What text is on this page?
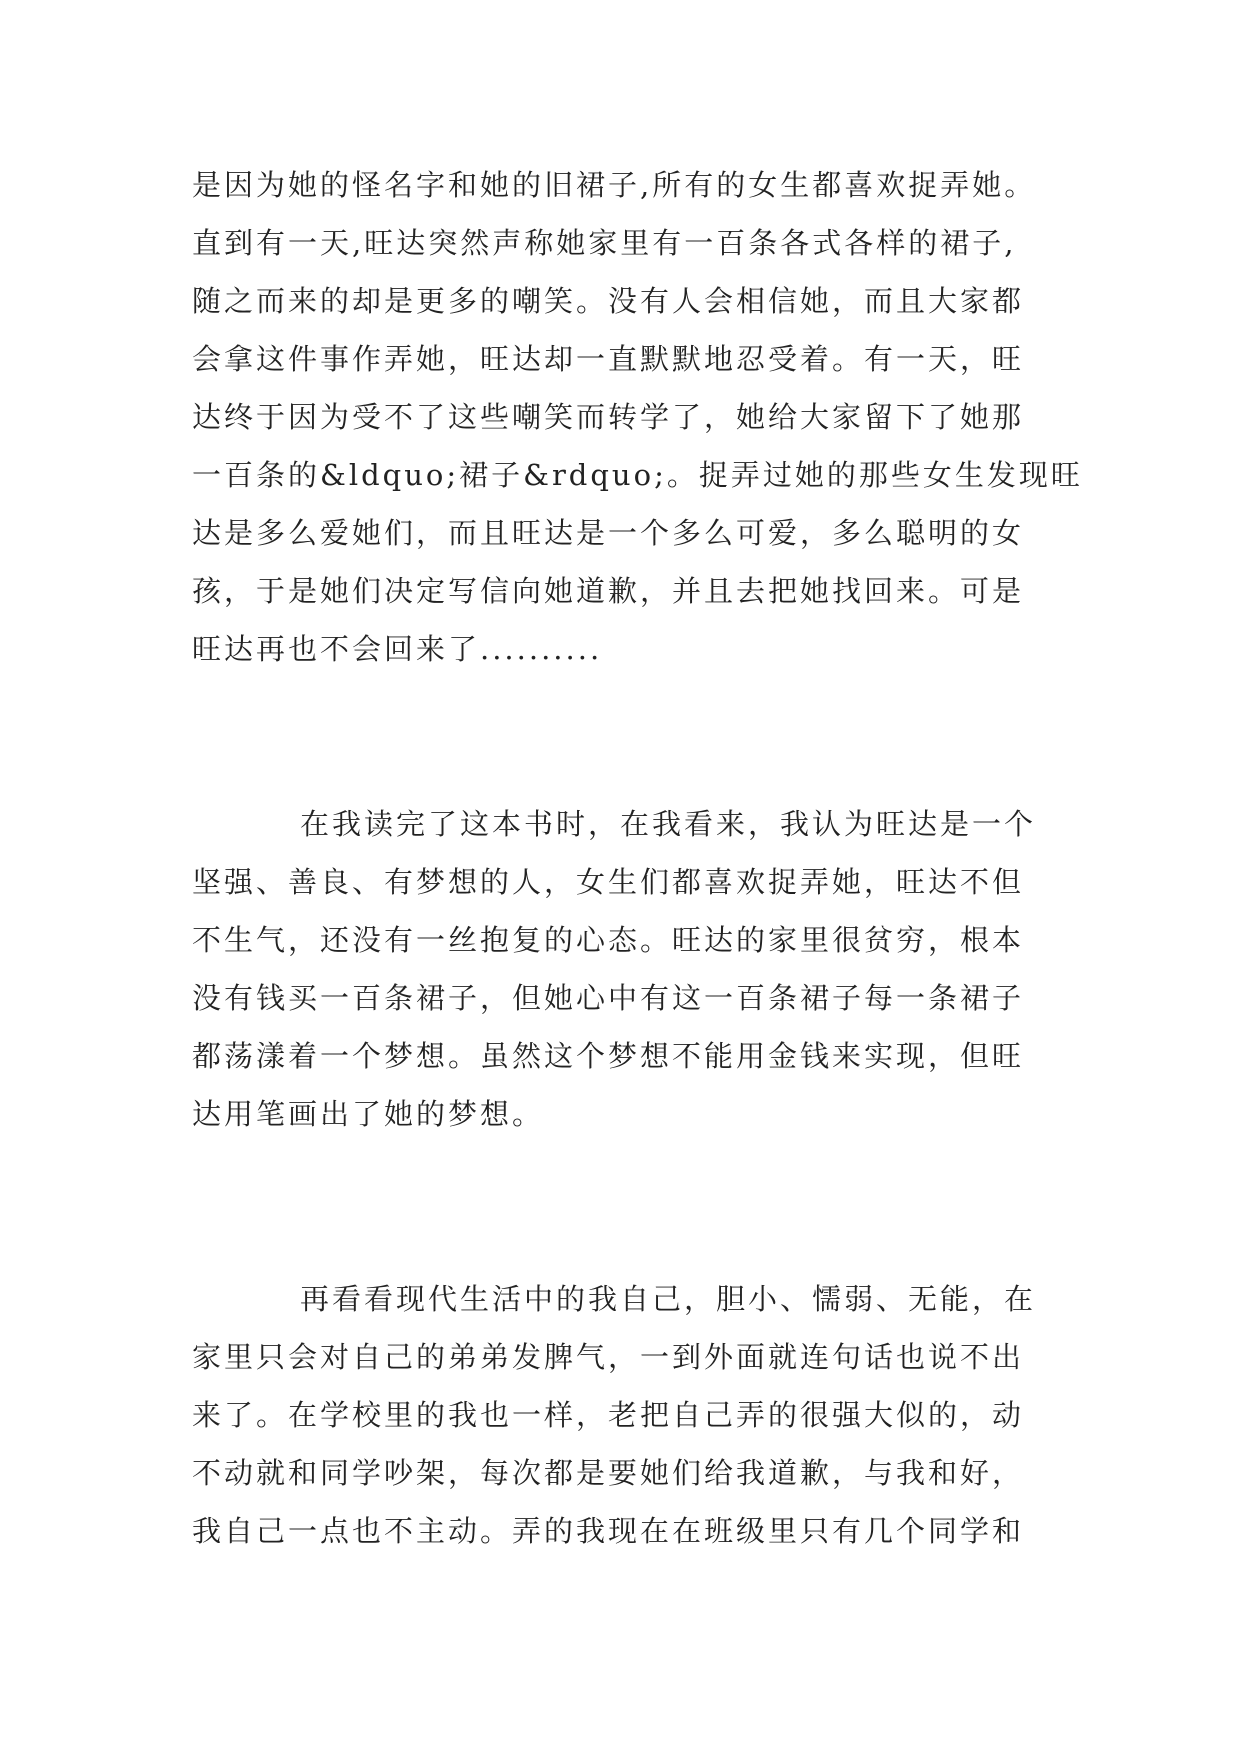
是因为她的怪名字和她的旧裙子,所有的女生都喜欢捉弄她。
直到有一天,旺达突然声称她家里有一百条各式各样的裙子,
随之而来的却是更多的嘲笑。没有人会相信她，而且大家都
会拿这件事作弄她，旺达却一直默默地忍受着。有一天，旺
达终于因为受不了这些嘲笑而转学了，她给大家留下了她那
一百条的&ldquo;裙子&rdquo;。捉弄过她的那些女生发现旺
达是多么爱她们，而且旺达是一个多么可爱，多么聪明的女
孩，于是她们决定写信向她道歉，并且去把她找回来。可是
旺达再也不会回来了..........
在我读完了这本书时，在我看来，我认为旺达是一个
坚强、善良、有梦想的人，女生们都喜欢捉弄她，旺达不但
不生气，还没有一丝抱复的心态。旺达的家里很贫穷，根本
没有钱买一百条裙子，但她心中有这一百条裙子每一条裙子
都荡漾着一个梦想。虽然这个梦想不能用金钱来实现，但旺
达用笔画出了她的梦想。
再看看现代生活中的我自己，胆小、懦弱、无能，在
家里只会对自己的弟弟发脾气，一到外面就连句话也说不出
来了。在学校里的我也一样，老把自己弄的很强大似的，动
不动就和同学吵架，每次都是要她们给我道歉，与我和好，
我自己一点也不主动。弄的我现在在班级里只有几个同学和
